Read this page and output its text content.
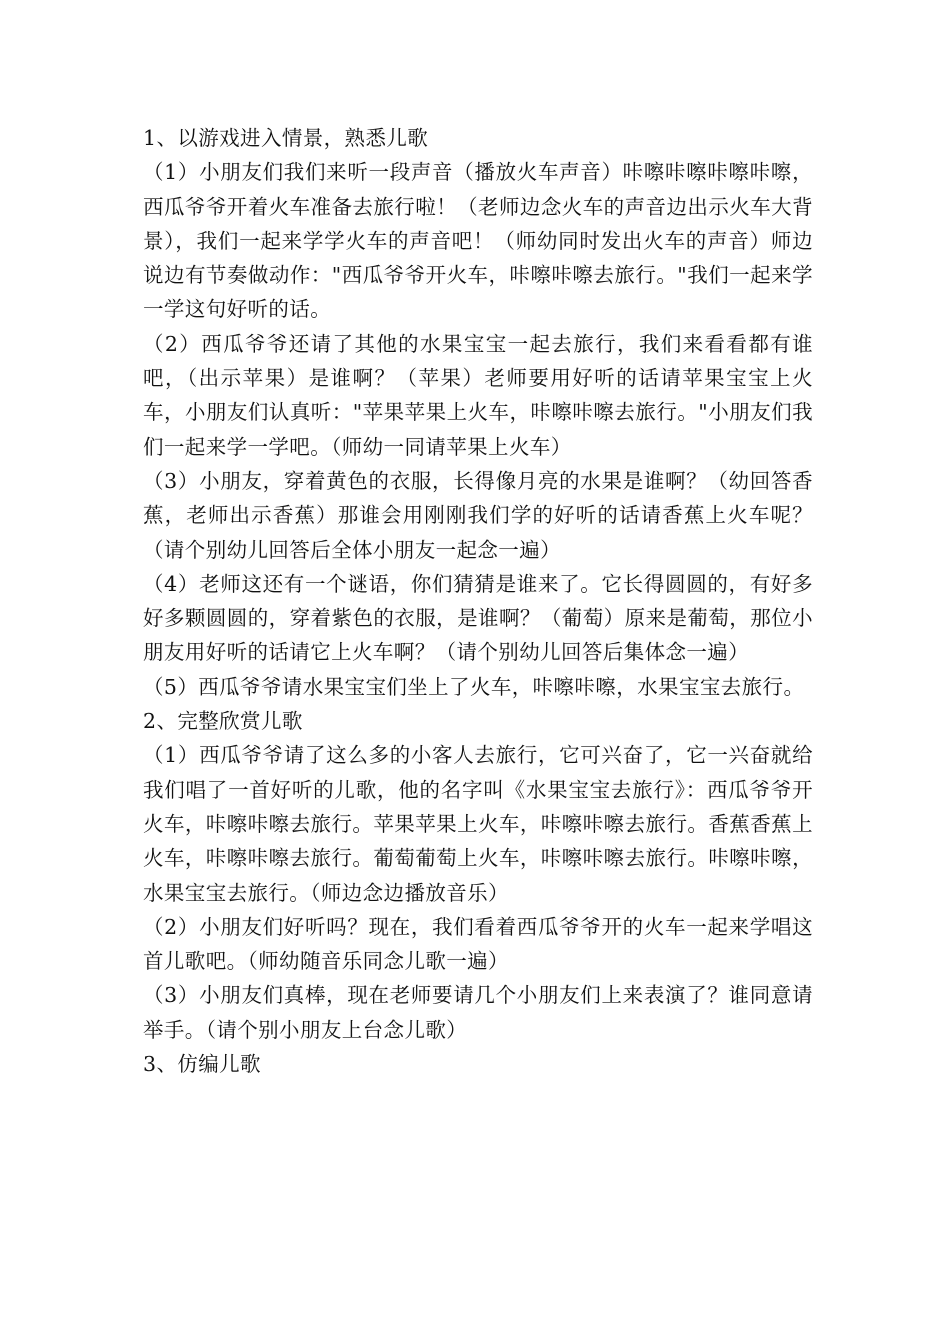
1、以游戏进入情景，熟悉儿歌

（1）小朋友们我们来听一段声音（播放火车声音）咔嚓咔嚓咔嚓咔嚓，西瓜爷爷开着火车准备去旅行啦！（老师边念火车的声音边出示火车大背景），我们一起来学学火车的声音吧！（师幼同时发出火车的声音）师边说边有节奏做动作："西瓜爷爷开火车，咔嚓咔嚓去旅行。"我们一起来学一学这句好听的话。

（2）西瓜爷爷还请了其他的水果宝宝一起去旅行，我们来看看都有谁吧，（出示苹果）是谁啊？（苹果）老师要用好听的话请苹果宝宝上火车，小朋友们认真听："苹果苹果上火车，咔嚓咔嚓去旅行。"小朋友们我们一起来学一学吧。（师幼一同请苹果上火车）

（3）小朋友，穿着黄色的衣服，长得像月亮的水果是谁啊？（幼回答香蕉，老师出示香蕉）那谁会用刚刚我们学的好听的话请香蕉上火车呢？（请个别幼儿回答后全体小朋友一起念一遍）

（4）老师这还有一个谜语，你们猜猜是谁来了。它长得圆圆的，有好多好多颗圆圆的，穿着紫色的衣服，是谁啊？（葡萄）原来是葡萄，那位小朋友用好听的话请它上火车啊？（请个别幼儿回答后集体念一遍）

（5）西瓜爷爷请水果宝宝们坐上了火车，咔嚓咔嚓，水果宝宝去旅行。

2、完整欣赏儿歌

（1）西瓜爷爷请了这么多的小客人去旅行，它可兴奋了，它一兴奋就给我们唱了一首好听的儿歌，他的名字叫《水果宝宝去旅行》：西瓜爷爷开火车，咔嚓咔嚓去旅行。苹果苹果上火车，咔嚓咔嚓去旅行。香蕉香蕉上火车，咔嚓咔嚓去旅行。葡萄葡萄上火车，咔嚓咔嚓去旅行。咔嚓咔嚓，水果宝宝去旅行。（师边念边播放音乐）

（2）小朋友们好听吗？现在，我们看着西瓜爷爷开的火车一起来学唱这首儿歌吧。（师幼随音乐同念儿歌一遍）

（3）小朋友们真棒，现在老师要请几个小朋友们上来表演了？谁同意请举手。（请个别小朋友上台念儿歌）

3、仿编儿歌
